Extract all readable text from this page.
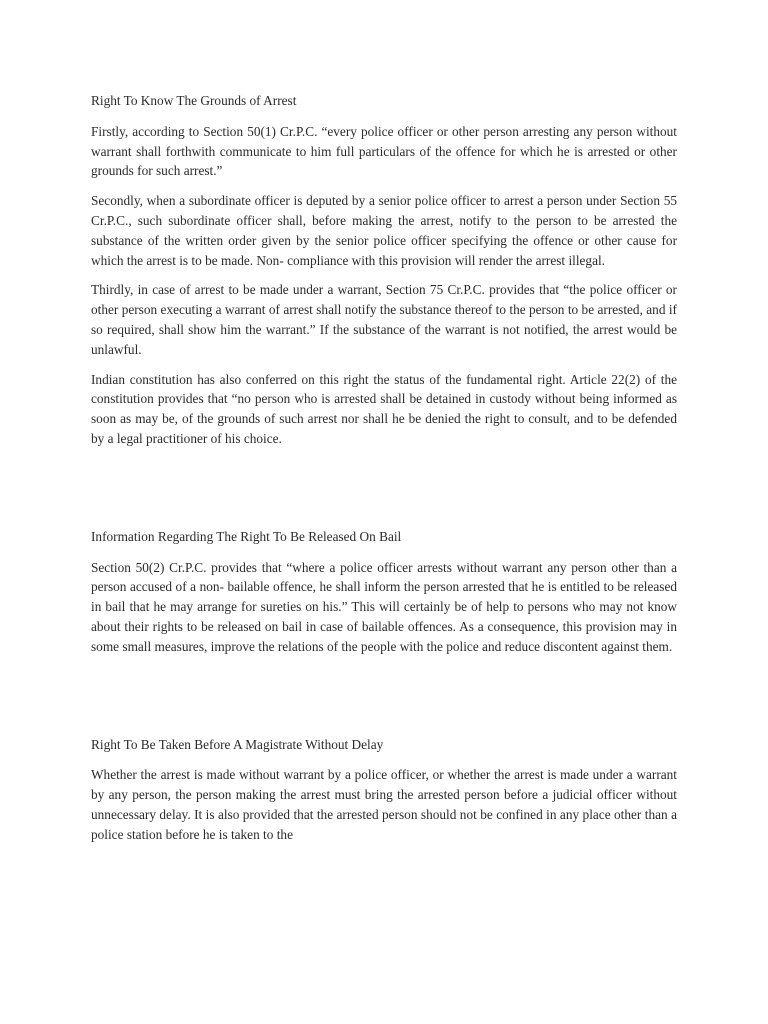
Right To Know The Grounds of Arrest

Firstly, according to Section 50(1) Cr.P.C. “every police officer or other person arresting any person without warrant shall forthwith communicate to him full particulars of the offence for which he is arrested or other grounds for such arrest.”

Secondly, when a subordinate officer is deputed by a senior police officer to arrest a person under Section 55 Cr.P.C., such subordinate officer shall, before making the arrest, notify to the person to be arrested the substance of the written order given by the senior police officer specifying the offence or other cause for which the arrest is to be made. Non- compliance with this provision will render the arrest illegal.

Thirdly, in case of arrest to be made under a warrant, Section 75 Cr.P.C. provides that “the police officer or other person executing a warrant of arrest shall notify the substance thereof to the person to be arrested, and if so required, shall show him the warrant.” If the substance of the warrant is not notified, the arrest would be unlawful.

Indian constitution has also conferred on this right the status of the fundamental right. Article 22(2) of the constitution provides that “no person who is arrested shall be detained in custody without being informed as soon as may be, of the grounds of such arrest nor shall he be denied the right to consult, and to be defended by a legal practitioner of his choice.

Information Regarding The Right To Be Released On Bail

Section 50(2) Cr.P.C. provides that “where a police officer arrests without warrant any person other than a person accused of a non- bailable offence, he shall inform the person arrested that he is entitled to be released in bail that he may arrange for sureties on his.” This will certainly be of help to persons who may not know about their rights to be released on bail in case of bailable offences. As a consequence, this provision may in some small measures, improve the relations of the people with the police and reduce discontent against them.

Right To Be Taken Before A Magistrate Without Delay

Whether the arrest is made without warrant by a police officer, or whether the arrest is made under a warrant by any person, the person making the arrest must bring the arrested person before a judicial officer without unnecessary delay. It is also provided that the arrested person should not be confined in any place other than a police station before he is taken to the
